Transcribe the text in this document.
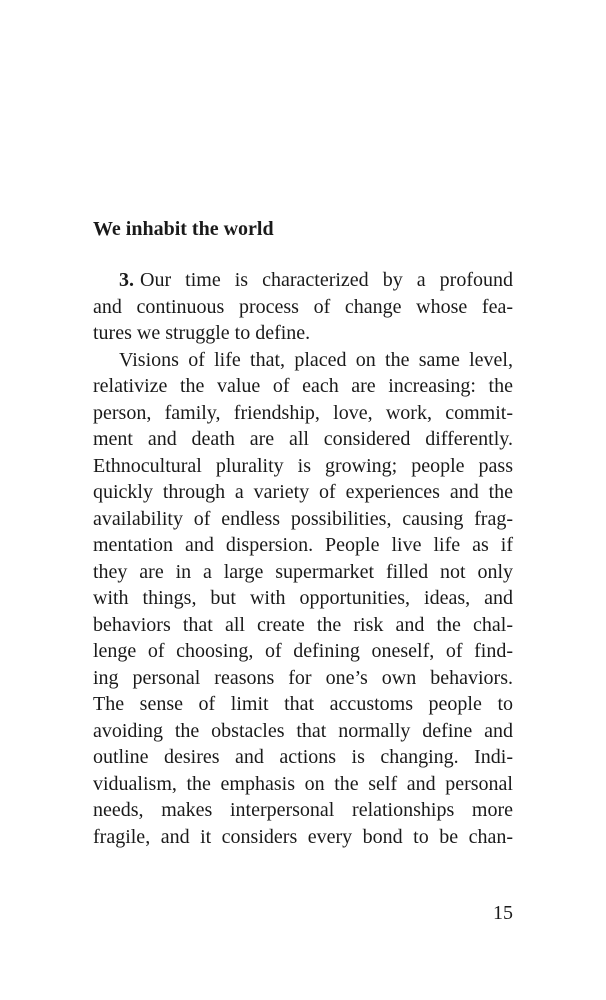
We inhabit the world
3. Our time is characterized by a profound
and continuous process of change whose fea-
tures we struggle to define.
Visions of life that, placed on the same level,
relativize the value of each are increasing: the
person, family, friendship, love, work, commit-
ment and death are all considered differently.
Ethnocultural plurality is growing; people pass
quickly through a variety of experiences and the
availability of endless possibilities, causing frag-
mentation and dispersion. People live life as if
they are in a large supermarket filled not only
with things, but with opportunities, ideas, and
behaviors that all create the risk and the chal-
lenge of choosing, of defining oneself, of find-
ing personal reasons for one’s own behaviors.
The sense of limit that accustoms people to
avoiding the obstacles that normally define and
outline desires and actions is changing. Indi-
vidualism, the emphasis on the self and personal
needs, makes interpersonal relationships more
fragile, and it considers every bond to be chan-
15
